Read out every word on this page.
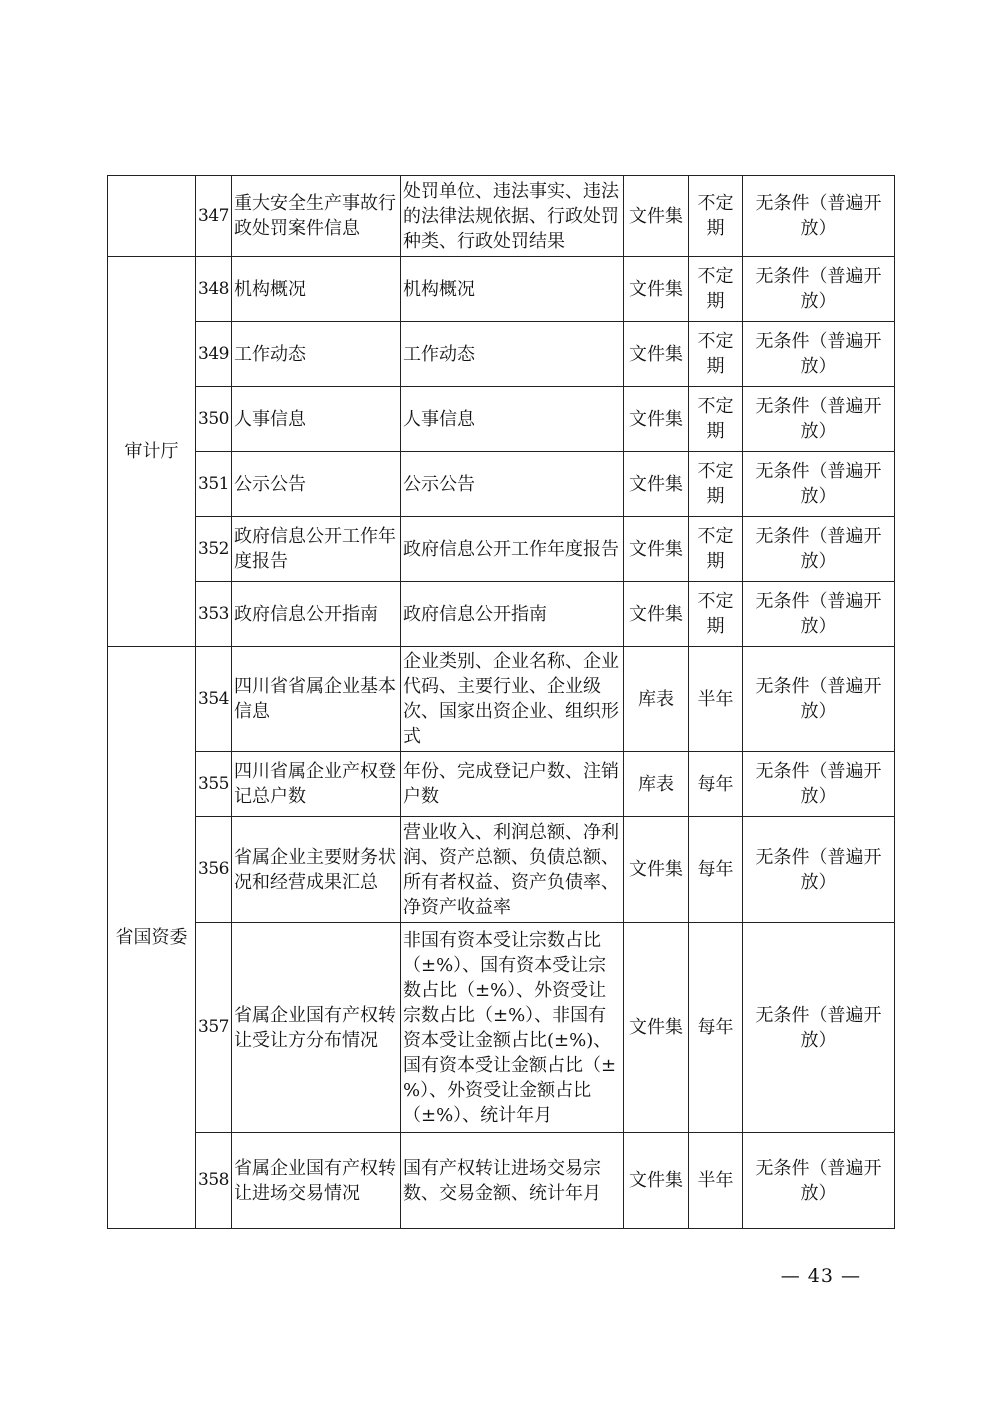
	347	重大安全生产事故行政处罚案件信息	处罚单位、违法事实、违法的法律法规依据、行政处罚种类、行政处罚结果	文件集	不定期	无条件（普遍开放）
审计厅	348	机构概况	机构概况	文件集	不定期	无条件（普遍开放）
	349	工作动态	工作动态	文件集	不定期	无条件（普遍开放）
	350	人事信息	人事信息	文件集	不定期	无条件（普遍开放）
	351	公示公告	公示公告	文件集	不定期	无条件（普遍开放）
	352	政府信息公开工作年度报告	政府信息公开工作年度报告	文件集	不定期	无条件（普遍开放）
	353	政府信息公开指南	政府信息公开指南	文件集	不定期	无条件（普遍开放）
省国资委	354	四川省省属企业基本信息	企业类别、企业名称、企业代码、主要行业、企业级次、国家出资企业、组织形式	库表	半年	无条件（普遍开放）
	355	四川省属企业产权登记总户数	年份、完成登记户数、注销户数	库表	每年	无条件（普遍开放）
	356	省属企业主要财务状况和经营成果汇总	营业收入、利润总额、净利润、资产总额、负债总额、所有者权益、资产负债率、净资产收益率	文件集	每年	无条件（普遍开放）
	357	省属企业国有产权转让受让方分布情况	非国有资本受让宗数占比（±%）、国有资本受让宗数占比（±%）、外资受让宗数占比（±%）、非国有资本受让金额占比(±%)、国有资本受让金额占比（±%）、外资受让金额占比（±%）、统计年月	文件集	每年	无条件（普遍开放）
	358	省属企业国有产权转让进场交易情况	国有产权转让进场交易宗数、交易金额、统计年月	文件集	半年	无条件（普遍开放）
— 43 —
